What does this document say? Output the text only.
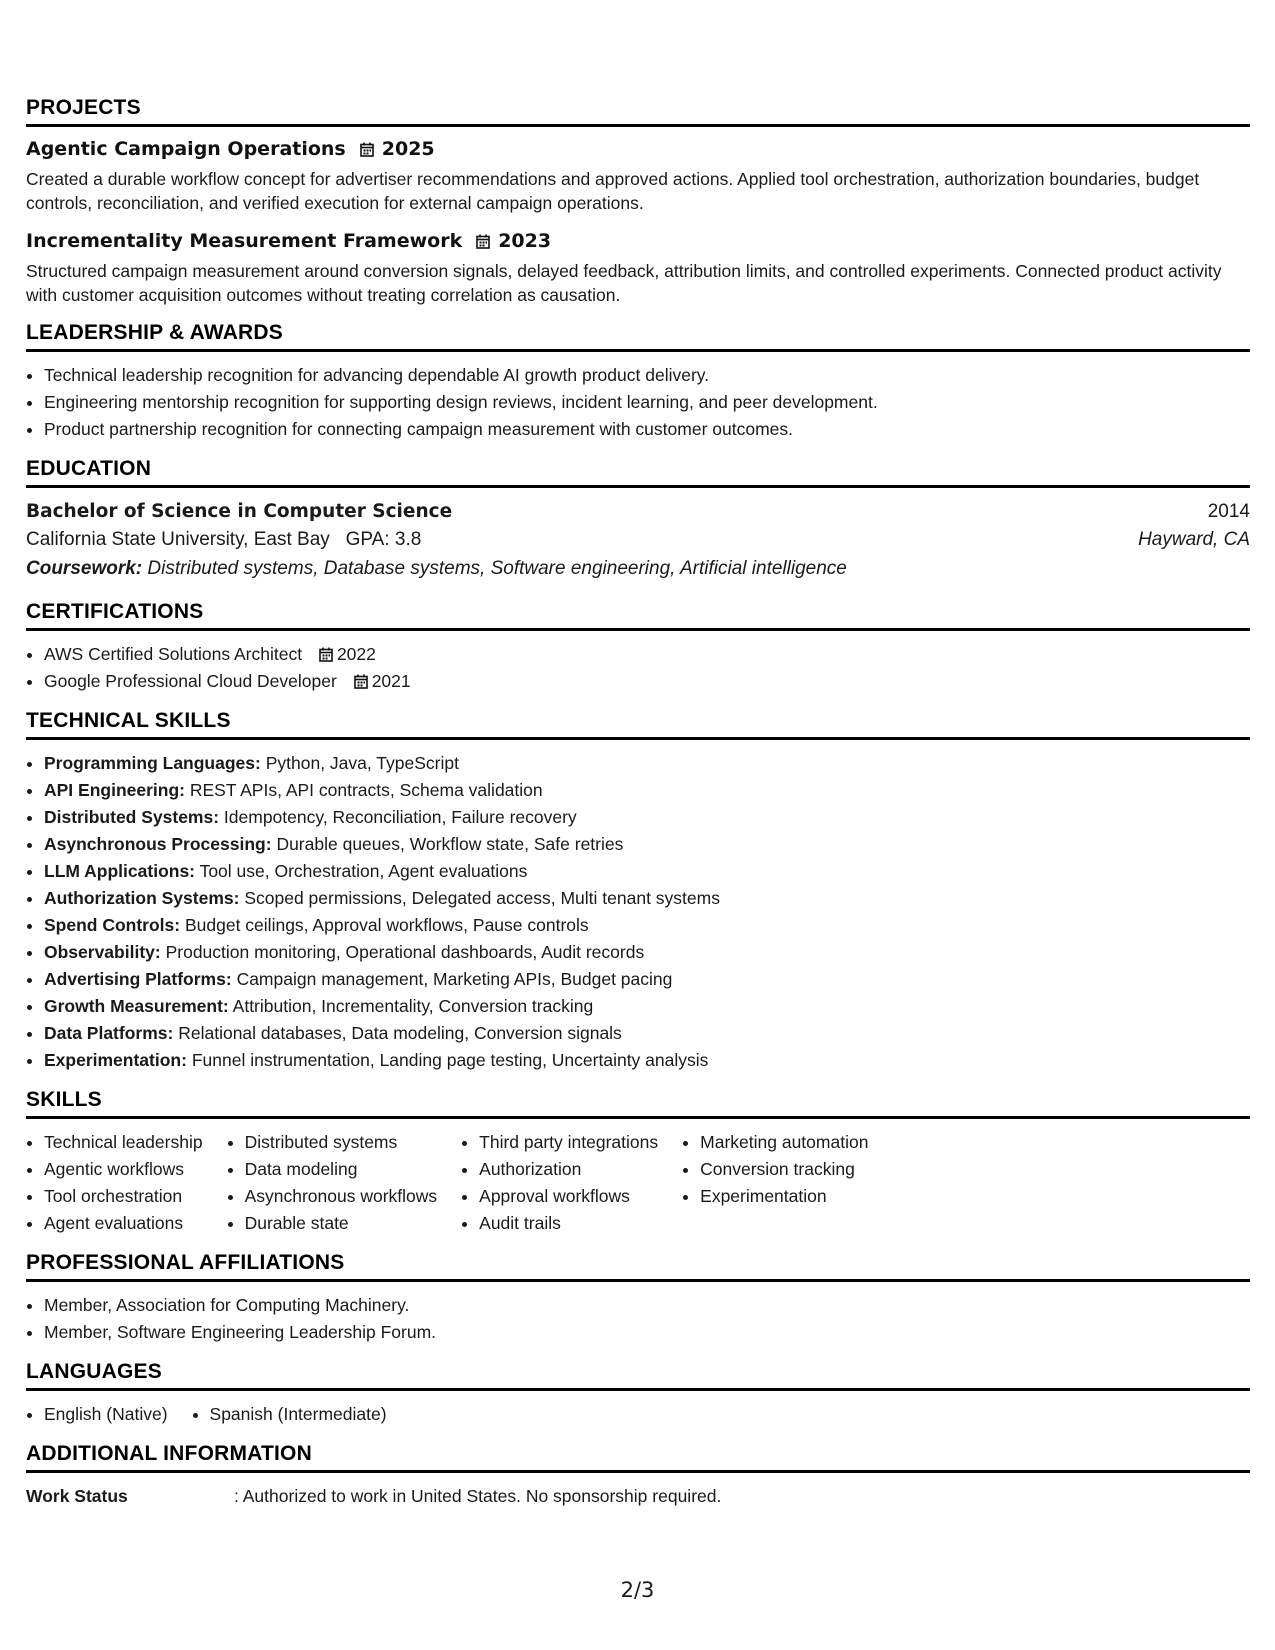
PROJECTS
Agentic Campaign Operations 2025
Created a durable workflow concept for advertiser recommendations and approved actions. Applied tool orchestration, authorization boundaries, budget controls, reconciliation, and verified execution for external campaign operations.
Incrementality Measurement Framework 2023
Structured campaign measurement around conversion signals, delayed feedback, attribution limits, and controlled experiments. Connected product activity with customer acquisition outcomes without treating correlation as causation.
LEADERSHIP & AWARDS
• Technical leadership recognition for advancing dependable AI growth product delivery.
• Engineering mentorship recognition for supporting design reviews, incident learning, and peer development.
• Product partnership recognition for connecting campaign measurement with customer outcomes.
EDUCATION
Bachelor of Science in Computer Science	2014
California State University, East Bay GPA: 3.8	Hayward, CA
Coursework: Distributed systems, Database systems, Software engineering, Artificial intelligence
CERTIFICATIONS
• AWS Certified Solutions Architect 2022
• Google Professional Cloud Developer 2021
TECHNICAL SKILLS
• Programming Languages: Python, Java, TypeScript
• API Engineering: REST APIs, API contracts, Schema validation
• Distributed Systems: Idempotency, Reconciliation, Failure recovery
• Asynchronous Processing: Durable queues, Workflow state, Safe retries
• LLM Applications: Tool use, Orchestration, Agent evaluations
• Authorization Systems: Scoped permissions, Delegated access, Multi tenant systems
• Spend Controls: Budget ceilings, Approval workflows, Pause controls
• Observability: Production monitoring, Operational dashboards, Audit records
• Advertising Platforms: Campaign management, Marketing APIs, Budget pacing
• Growth Measurement: Attribution, Incrementality, Conversion tracking
• Data Platforms: Relational databases, Data modeling, Conversion signals
• Experimentation: Funnel instrumentation, Landing page testing, Uncertainty analysis
SKILLS
• Technical leadership
• Agentic workflows
• Tool orchestration
• Agent evaluations
• Distributed systems
• Data modeling
• Asynchronous workflows
• Durable state
• Third party integrations
• Authorization
• Approval workflows
• Audit trails
• Marketing automation
• Conversion tracking
• Experimentation
PROFESSIONAL AFFILIATIONS
• Member, Association for Computing Machinery.
• Member, Software Engineering Leadership Forum.
LANGUAGES
• English (Native)
• Spanish (Intermediate)
ADDITIONAL INFORMATION
Work Status	: Authorized to work in United States. No sponsorship required.
2/3
